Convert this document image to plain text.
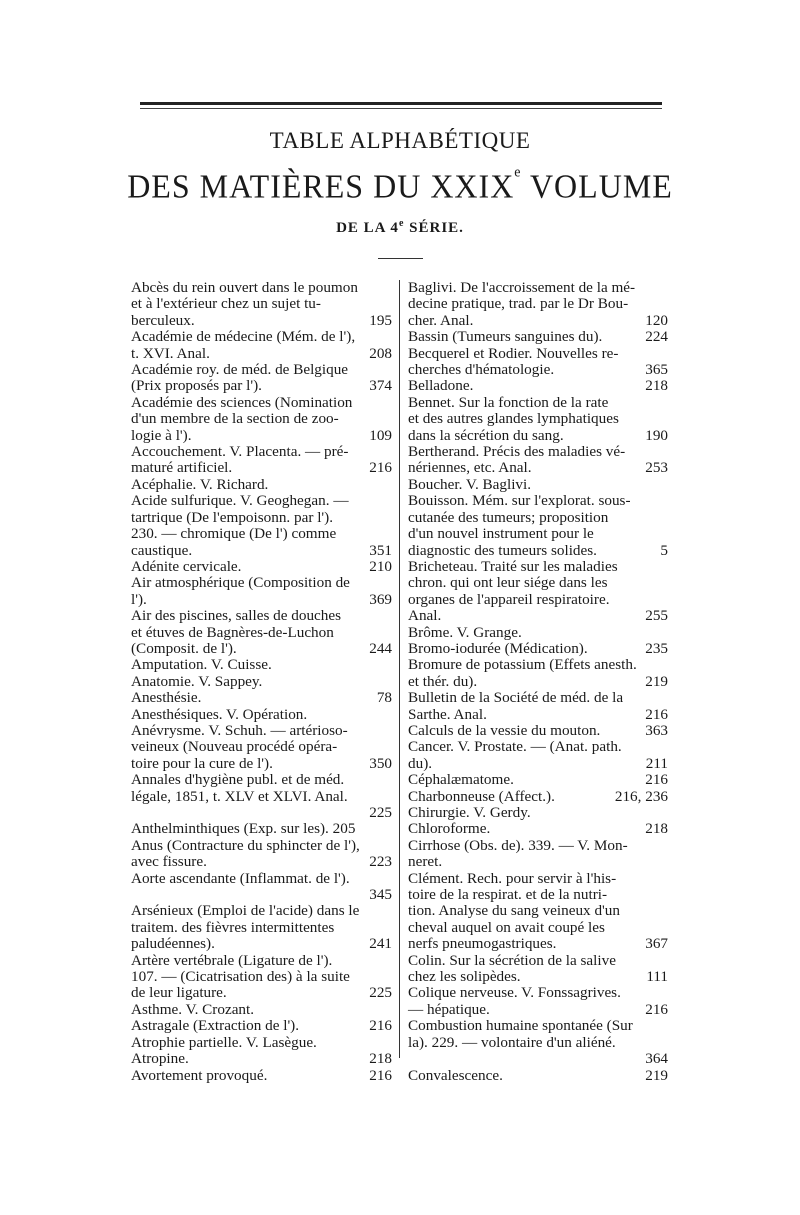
TABLE ALPHABÉTIQUE
DES MATIÈRES DU XXIXe VOLUME
DE LA 4e SÉRIE.
Abcès du rein ouvert dans le poumon
et à l'extérieur chez un sujet tu-
195
berculeux.
Académie de médecine (Mém. de l'),
208
t. XVI. Anal.
Académie roy. de méd. de Belgique
374
(Prix proposés par l').
Académie des sciences (Nomination
d'un membre de la section de zoo-
109
logie à l').
Accouchement. V. Placenta. — pré-
216
maturé artificiel.
Acéphalie. V. Richard.
Acide sulfurique. V. Geoghegan. —
tartrique (De l'empoisonn. par l').
230. — chromique (De l') comme
351
caustique.
210
Adénite cervicale.
Air atmosphérique (Composition de
369
l').
Air des piscines, salles de douches
et étuves de Bagnères-de-Luchon
244
(Composit. de l').
Amputation. V. Cuisse.
Anatomie. V. Sappey.
78
Anesthésie.
Anesthésiques. V. Opération.
Anévrysme. V. Schuh. — artérioso-
veineux (Nouveau procédé opéra-
350
toire pour la cure de l').
Annales d'hygiène publ. et de méd.
légale, 1851, t. XLV et XLVI. Anal.
225
Anthelminthiques (Exp. sur les). 205
Anus (Contracture du sphincter de l'),
223
avec fissure.
Aorte ascendante (Inflammat. de l').
345
Arsénieux (Emploi de l'acide) dans le
traitem. des fièvres intermittentes
241
paludéennes).
Artère vertébrale (Ligature de l').
107. — (Cicatrisation des) à la suite
225
de leur ligature.
Asthme. V. Crozant.
216
Astragale (Extraction de l').
Atrophie partielle. V. Lasègue.
218
Atropine.
216
Avortement provoqué.
Baglivi. De l'accroissement de la mé-
decine pratique, trad. par le Dr Bou-
120
cher. Anal.
224
Bassin (Tumeurs sanguines du).
Becquerel et Rodier. Nouvelles re-
365
cherches d'hématologie.
218
Belladone.
Bennet. Sur la fonction de la rate
et des autres glandes lymphatiques
190
dans la sécrétion du sang.
Bertherand. Précis des maladies vé-
253
nériennes, etc. Anal.
Boucher. V. Baglivi.
Bouisson. Mém. sur l'explorat. sous-
cutanée des tumeurs; proposition
d'un nouvel instrument pour le
5
diagnostic des tumeurs solides.
Bricheteau. Traité sur les maladies
chron. qui ont leur siége dans les
organes de l'appareil respiratoire.
255
Anal.
Brôme. V. Grange.
235
Bromo-iodurée (Médication).
Bromure de potassium (Effets anesth.
219
et thér. du).
Bulletin de la Société de méd. de la
216
Sarthe. Anal.
363
Calculs de la vessie du mouton.
Cancer. V. Prostate. — (Anat. path.
211
du).
216
Céphalæmatome.
216, 236
Charbonneuse (Affect.).
Chirurgie. V. Gerdy.
218
Chloroforme.
Cirrhose (Obs. de). 339. — V. Mon-
neret.
Clément. Rech. pour servir à l'his-
toire de la respirat. et de la nutri-
tion. Analyse du sang veineux d'un
cheval auquel on avait coupé les
367
nerfs pneumogastriques.
Colin. Sur la sécrétion de la salive
111
chez les solipèdes.
Colique nerveuse. V. Fonssagrives.
216
— hépatique.
Combustion humaine spontanée (Sur
la). 229. — volontaire d'un aliéné.
364
219
Convalescence.
